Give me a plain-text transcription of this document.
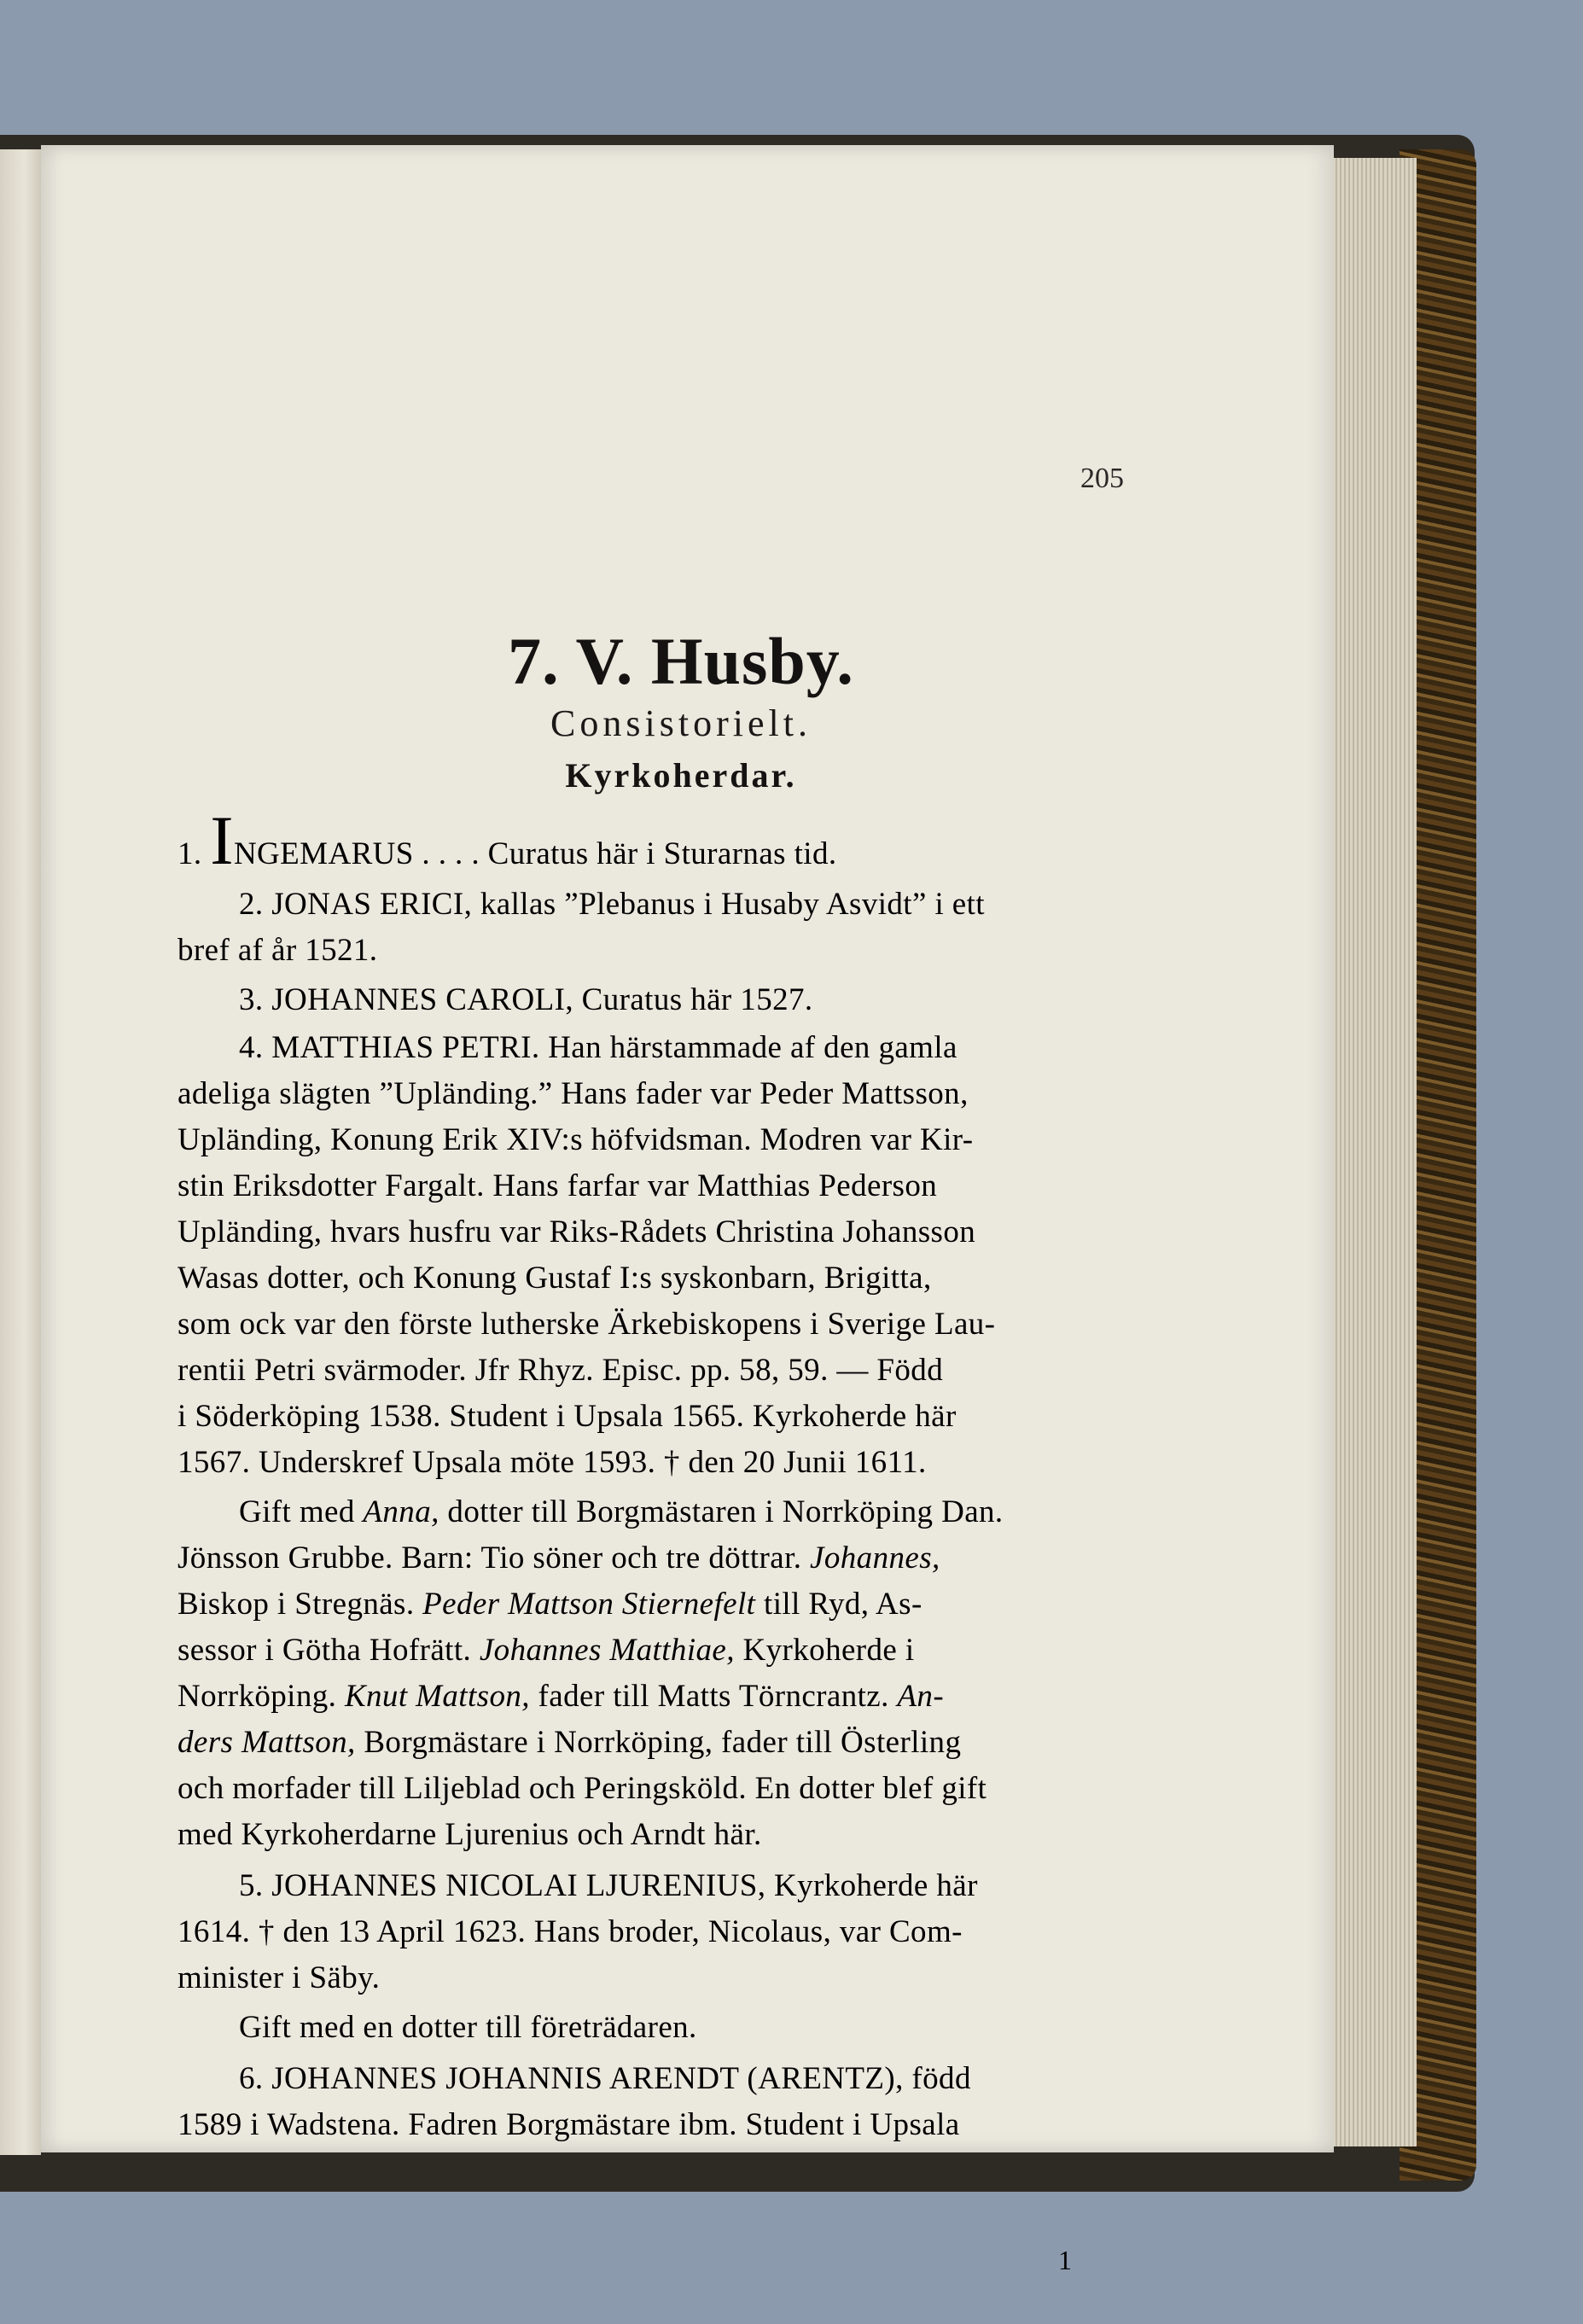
205
7. V. Husby.
Consistorielt.
Kyrkoherdar.
1. INGEMARUS . . . . Curatus här i Sturarnas tid.
2. JONAS ERICI, kallas ”Plebanus i Husaby Asvidt” i ett
bref af år 1521.
3. JOHANNES CAROLI, Curatus här 1527.
4. MATTHIAS PETRI. Han härstammade af den gamla
adeliga slägten ”Upländing.” Hans fader var Peder Mattsson,
Upländing, Konung Erik XIV:s höfvidsman. Modren var Kir-
stin Eriksdotter Fargalt. Hans farfar var Matthias Pederson
Upländing, hvars husfru var Riks-Rådets Christina Johansson
Wasas dotter, och Konung Gustaf I:s syskonbarn, Brigitta,
som ock var den förste lutherske Ärkebiskopens i Sverige Lau-
rentii Petri svärmoder. Jfr Rhyz. Episc. pp. 58, 59. — Född
i Söderköping 1538. Student i Upsala 1565. Kyrkoherde här
1567. Underskref Upsala möte 1593. † den 20 Junii 1611.
Gift med Anna, dotter till Borgmästaren i Norrköping Dan.
Jönsson Grubbe. Barn: Tio söner och tre döttrar. Johannes,
Biskop i Stregnäs. Peder Mattson Stiernefelt till Ryd, As-
sessor i Götha Hofrätt. Johannes Matthiae, Kyrkoherde i
Norrköping. Knut Mattson, fader till Matts Törncrantz. An-
ders Mattson, Borgmästare i Norrköping, fader till Österling
och morfader till Liljeblad och Peringsköld. En dotter blef gift
med Kyrkoherdarne Ljurenius och Arndt här.
5. JOHANNES NICOLAI LJURENIUS, Kyrkoherde här
1614. † den 13 April 1623. Hans broder, Nicolaus, var Com-
minister i Säby.
Gift med en dotter till företrädaren.
6. JOHANNES JOHANNIS ARENDT (ARENTZ), född
1589 i Wadstena. Fadren Borgmästare ibm. Student i Upsala
1
